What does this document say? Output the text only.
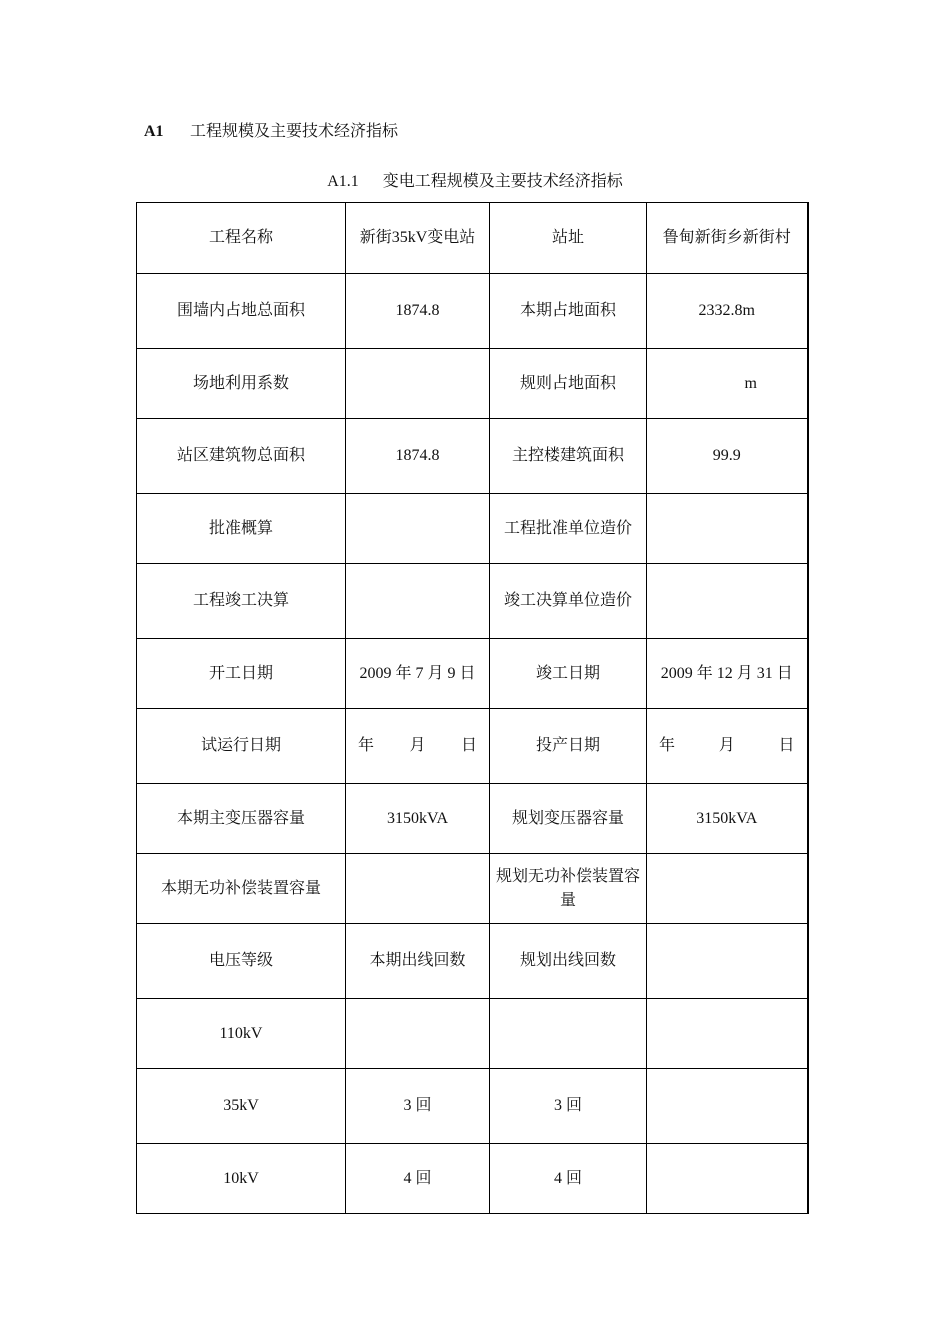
A1 工程规模及主要技术经济指标
A1.1 变电工程规模及主要技术经济指标
工程名称	新街35kV变电站	站址	鲁甸新街乡新街村
围墙内占地总面积	1874.8	本期占地面积	2332.8m
场地利用系数		规则占地面积	m
站区建筑物总面积	1874.8	主控楼建筑面积	99.9
批准概算		工程批准单位造价	
工程竣工决算		竣工决算单位造价	
开工日期	2009 年 7 月 9 日	竣工日期	2009 年 12 月 31 日
试运行日期	年 月 日	投产日期	年 月 日

本期主变压器容量	3150kVA	规划变压器容量	3150kVA
本期无功补偿装置容量		规划无功补偿装置容量	
电压等级	本期出线回数	规划出线回数	
110kV			
35kV	3 回	3 回	
10kV	4 回	4 回	
